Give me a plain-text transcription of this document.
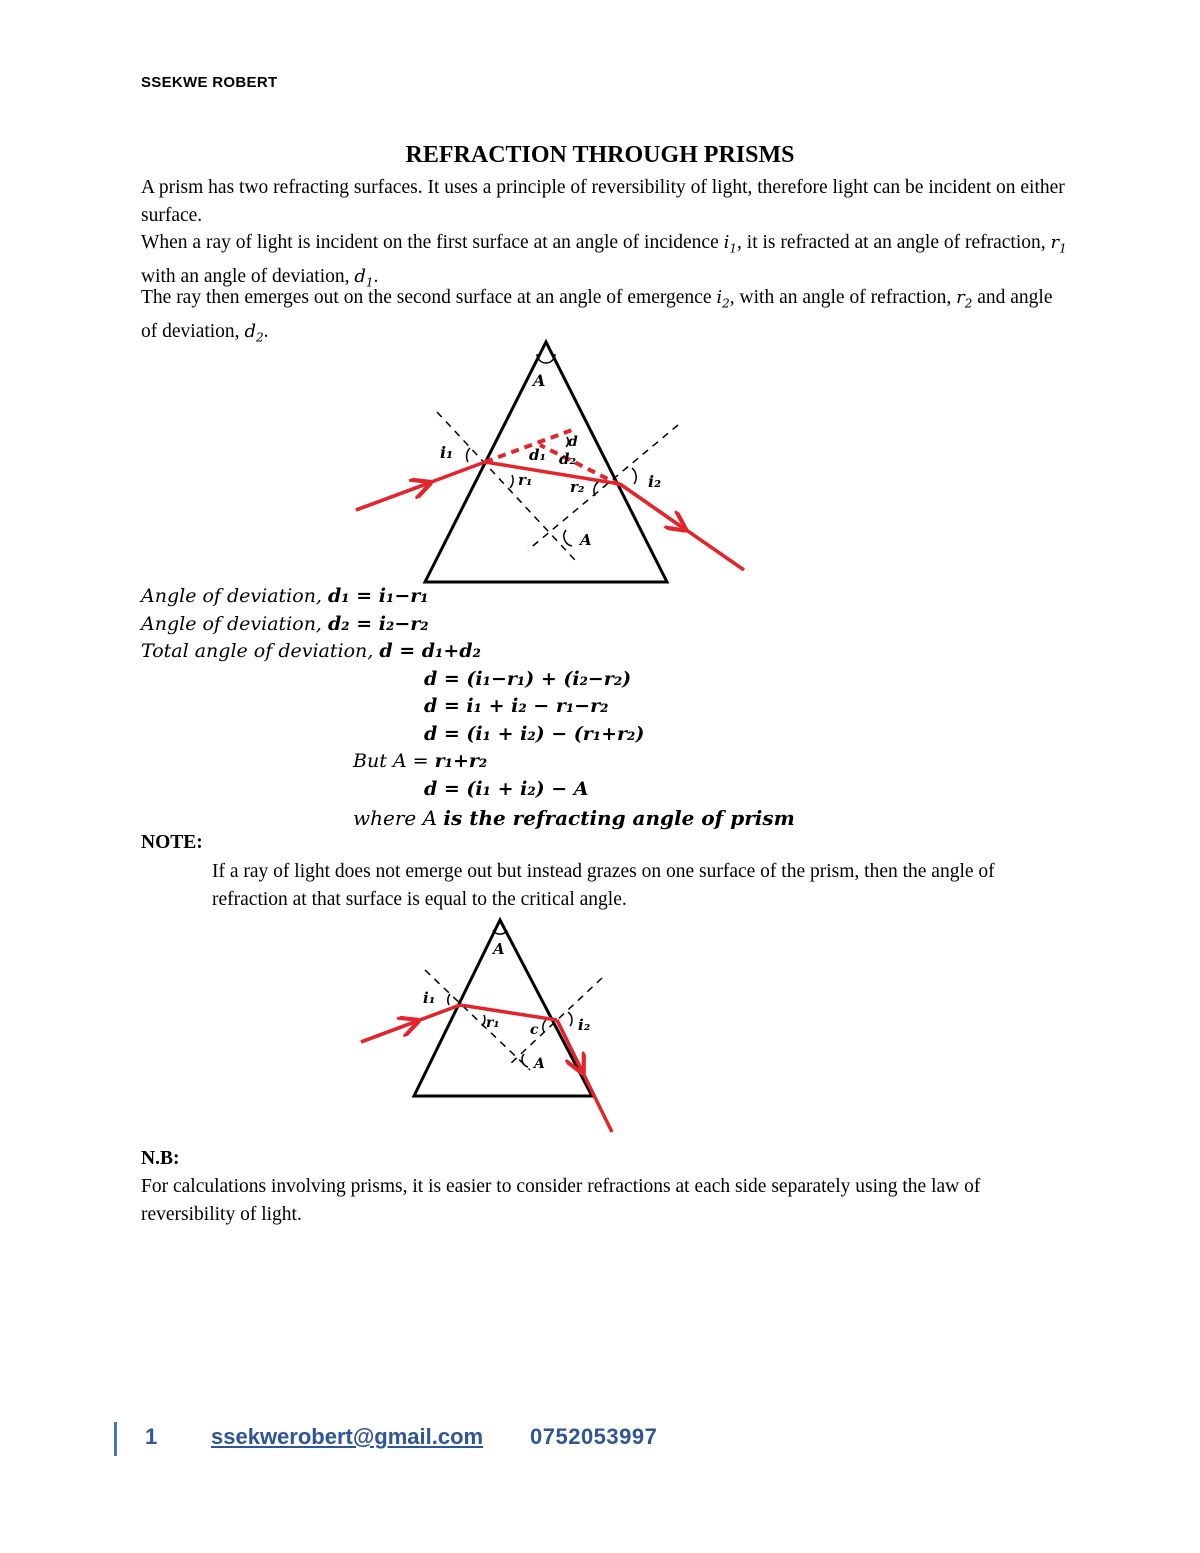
SSEKWE ROBERT
REFRACTION THROUGH PRISMS
A prism has two refracting surfaces. It uses a principle of reversibility of light, therefore light can be incident on either surface.
When a ray of light is incident on the first surface at an angle of incidence $i_1$, it is refracted at an angle of refraction, $r_1$ with an angle of deviation, $d_1$.
The ray then emerges out on the second surface at an angle of emergence $i_2$, with an angle of refraction, $r_2$ and angle of deviation, $d_2$.
A
i₁
d
d₁ d₂
r₁	r₂	i₂
A
Angle of deviation, d₁ = i₁−r₁
Angle of deviation, d₂ = i₂−r₂
Total angle of deviation, d = d₁+d₂
d = (i₁−r₁) + (i₂−r₂)
d = i₁ + i₂ − r₁−r₂
d = (i₁ + i₂) − (r₁+r₂)
But A = r₁+r₂
d = (i₁ + i₂) − A
where A is the refracting angle of prism
NOTE:
If a ray of light does not emerge out but instead grazes on one surface of the prism, then the angle of refraction at that surface is equal to the critical angle.
A
i₁
r₁ c	i₂
A
N.B:
For calculations involving prisms, it is easier to consider refractions at each side separately using the law of reversibility of light.
1 ssekwerobert@gmail.com 0752053997
